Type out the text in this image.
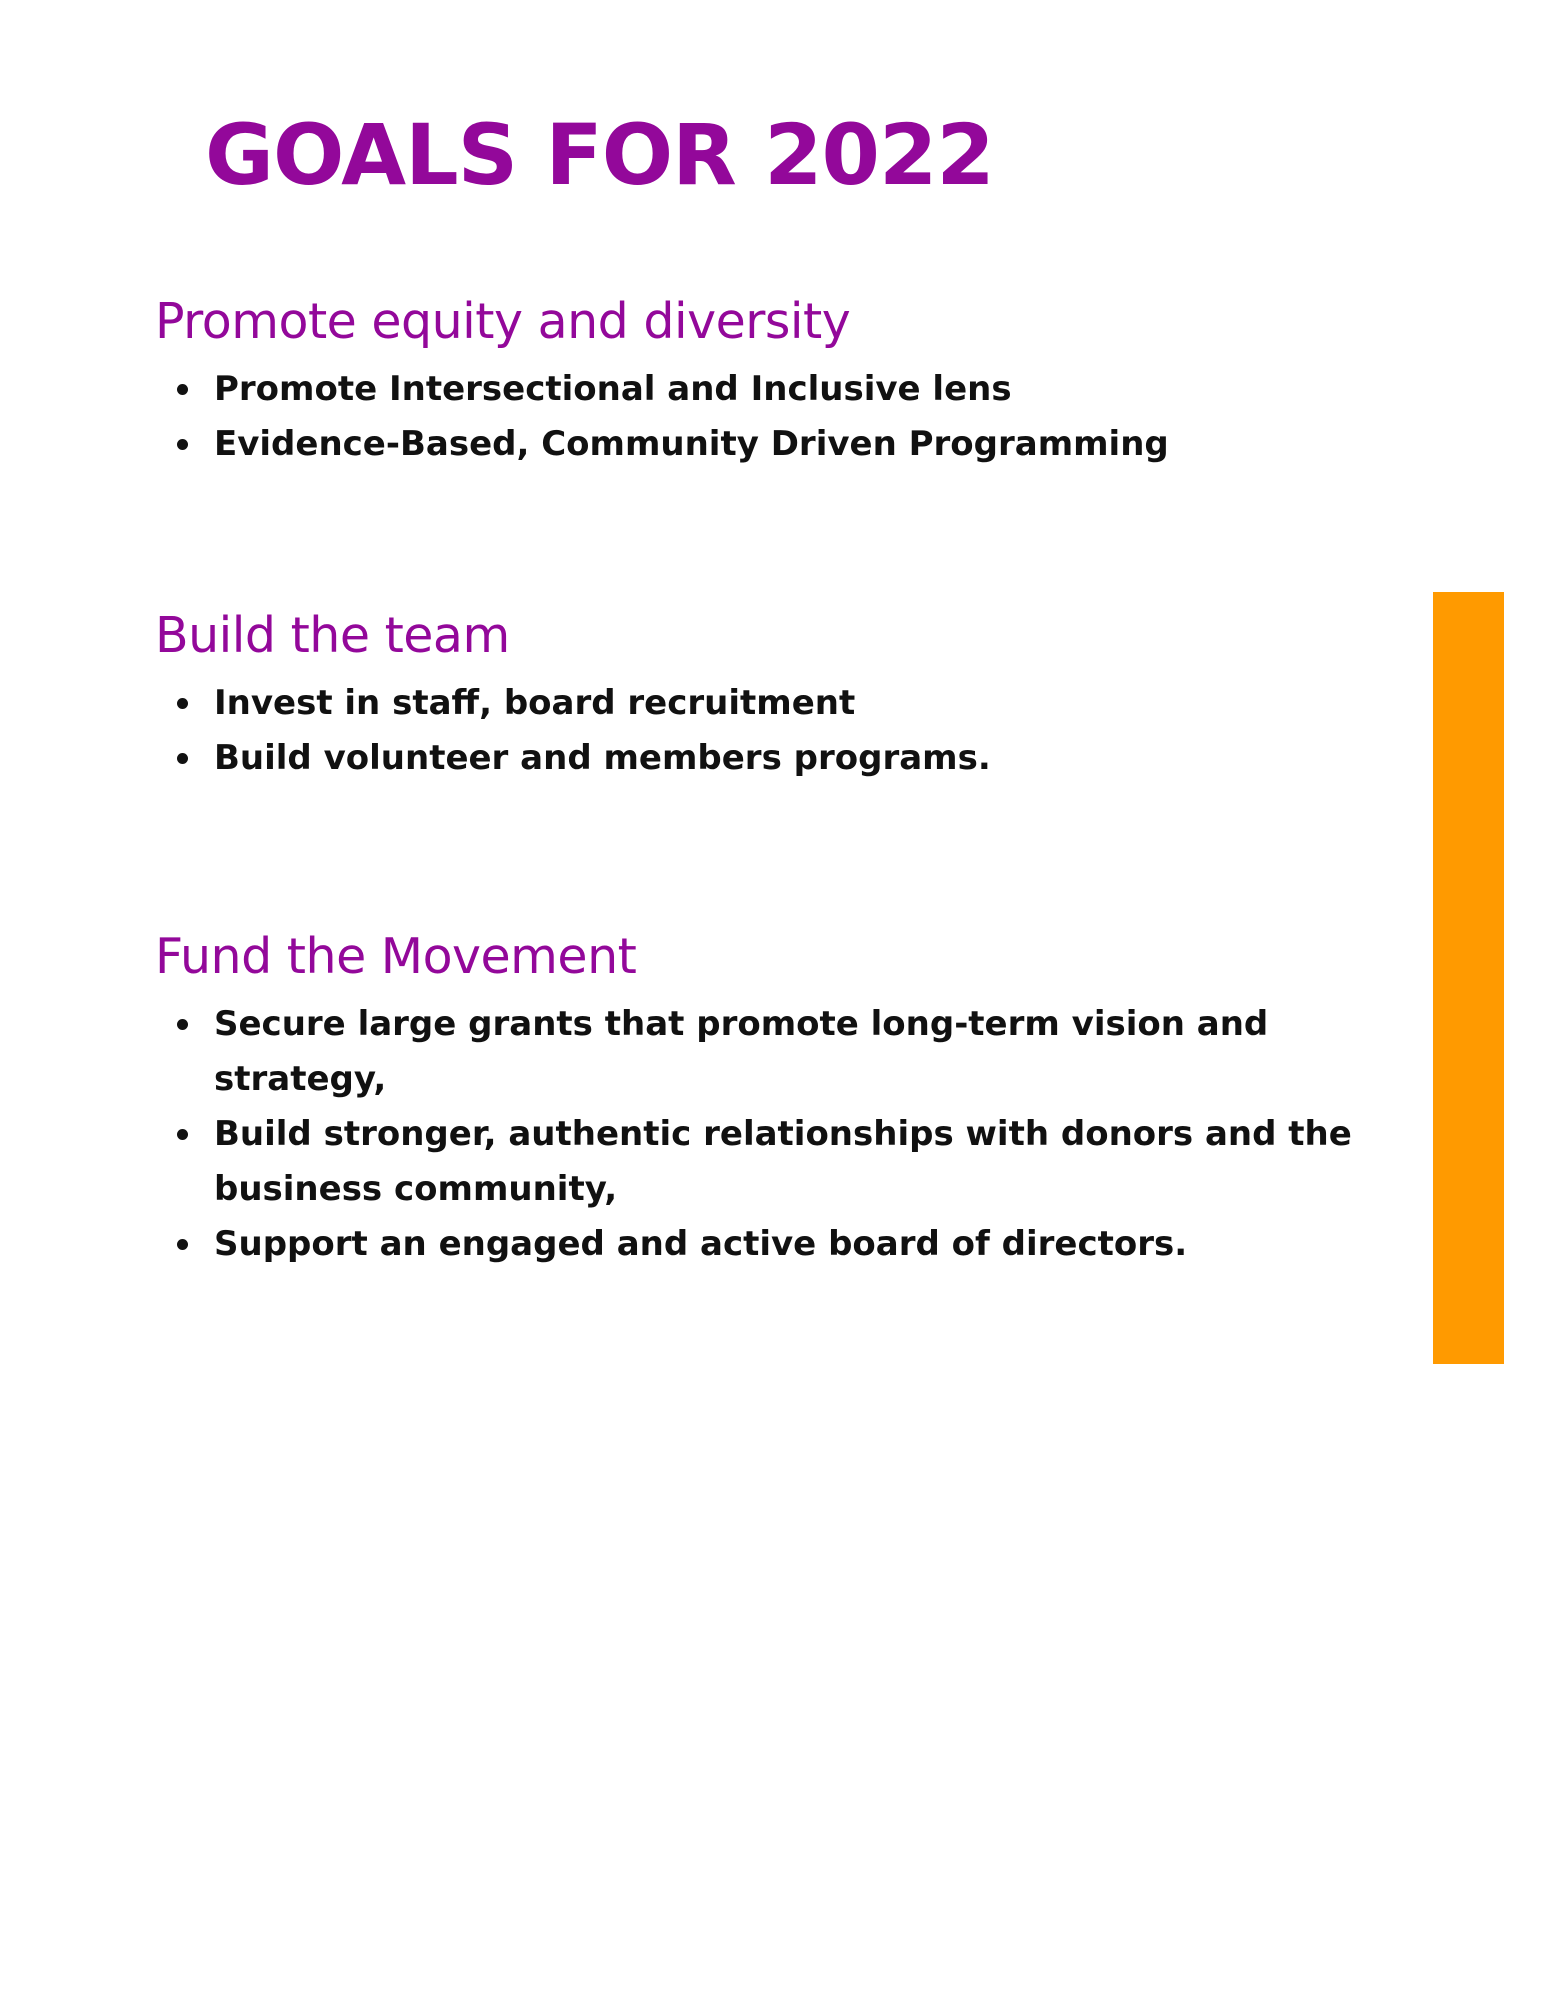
GOALS FOR 2022
Promote equity and diversity
Promote Intersectional and Inclusive lens
Evidence-Based, Community Driven Programming
Build the team
Invest in staff, board recruitment
Build volunteer and members programs.
Fund the Movement
Secure large grants that promote long-term vision and strategy,
Build stronger, authentic relationships with donors and the business community,
Support an engaged and active board of directors.
